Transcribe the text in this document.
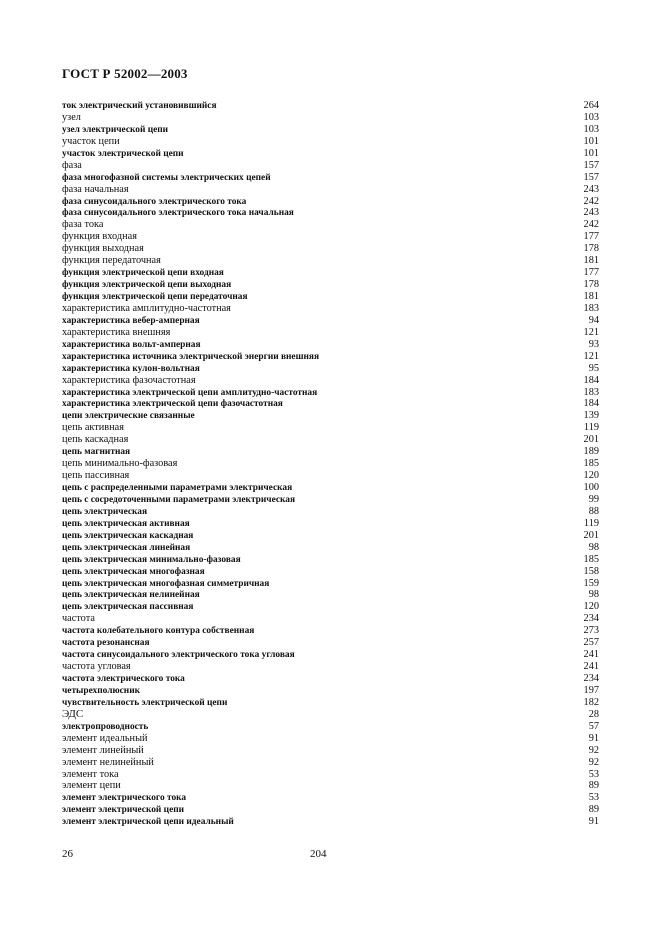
ГОСТ Р 52002—2003
ток электрический установившийся	264
узел	103
узел электрической цепи	103
участок цепи	101
участок электрической цепи	101
фаза	157
фаза многофазной системы электрических цепей	157
фаза начальная	243
фаза синусоидального электрического тока	242
фаза синусоидального электрического тока начальная	243
фаза тока	242
функция входная	177
функция выходная	178
функция передаточная	181
функция электрической цепи входная	177
функция электрической цепи выходная	178
функция электрической цепи передаточная	181
характеристика амплитудно-частотная	183
характеристика вебер-амперная	94
характеристика внешняя	121
характеристика вольт-амперная	93
характеристика источника электрической энергии внешняя	121
характеристика кулон-вольтная	95
характеристика фазочастотная	184
характеристика электрической цепи амплитудно-частотная	183
характеристика электрической цепи фазочастотная	184
цепи электрические связанные	139
цепь активная	119
цепь каскадная	201
цепь магнитная	189
цепь минимально-фазовая	185
цепь пассивная	120
цепь с распределенными параметрами электрическая	100
цепь с сосредоточенными параметрами электрическая	99
цепь электрическая	88
цепь электрическая активная	119
цепь электрическая каскадная	201
цепь электрическая линейная	98
цепь электрическая минимально-фазовая	185
цепь электрическая многофазная	158
цепь электрическая многофазная симметричная	159
цепь электрическая нелинейная	98
цепь электрическая пассивная	120
частота	234
частота колебательного контура собственная	273
частота резонансная	257
частота синусоидального электрического тока угловая	241
частота угловая	241
частота электрического тока	234
четырехполюсник	197
чувствительность электрической цепи	182
ЭДС	28
электропроводность	57
элемент идеальный	91
элемент линейный	92
элемент нелинейный	92
элемент тока	53
элемент цепи	89
элемент электрического тока	53
элемент электрической цепи	89
элемент электрической цепи идеальный	91
26	204
